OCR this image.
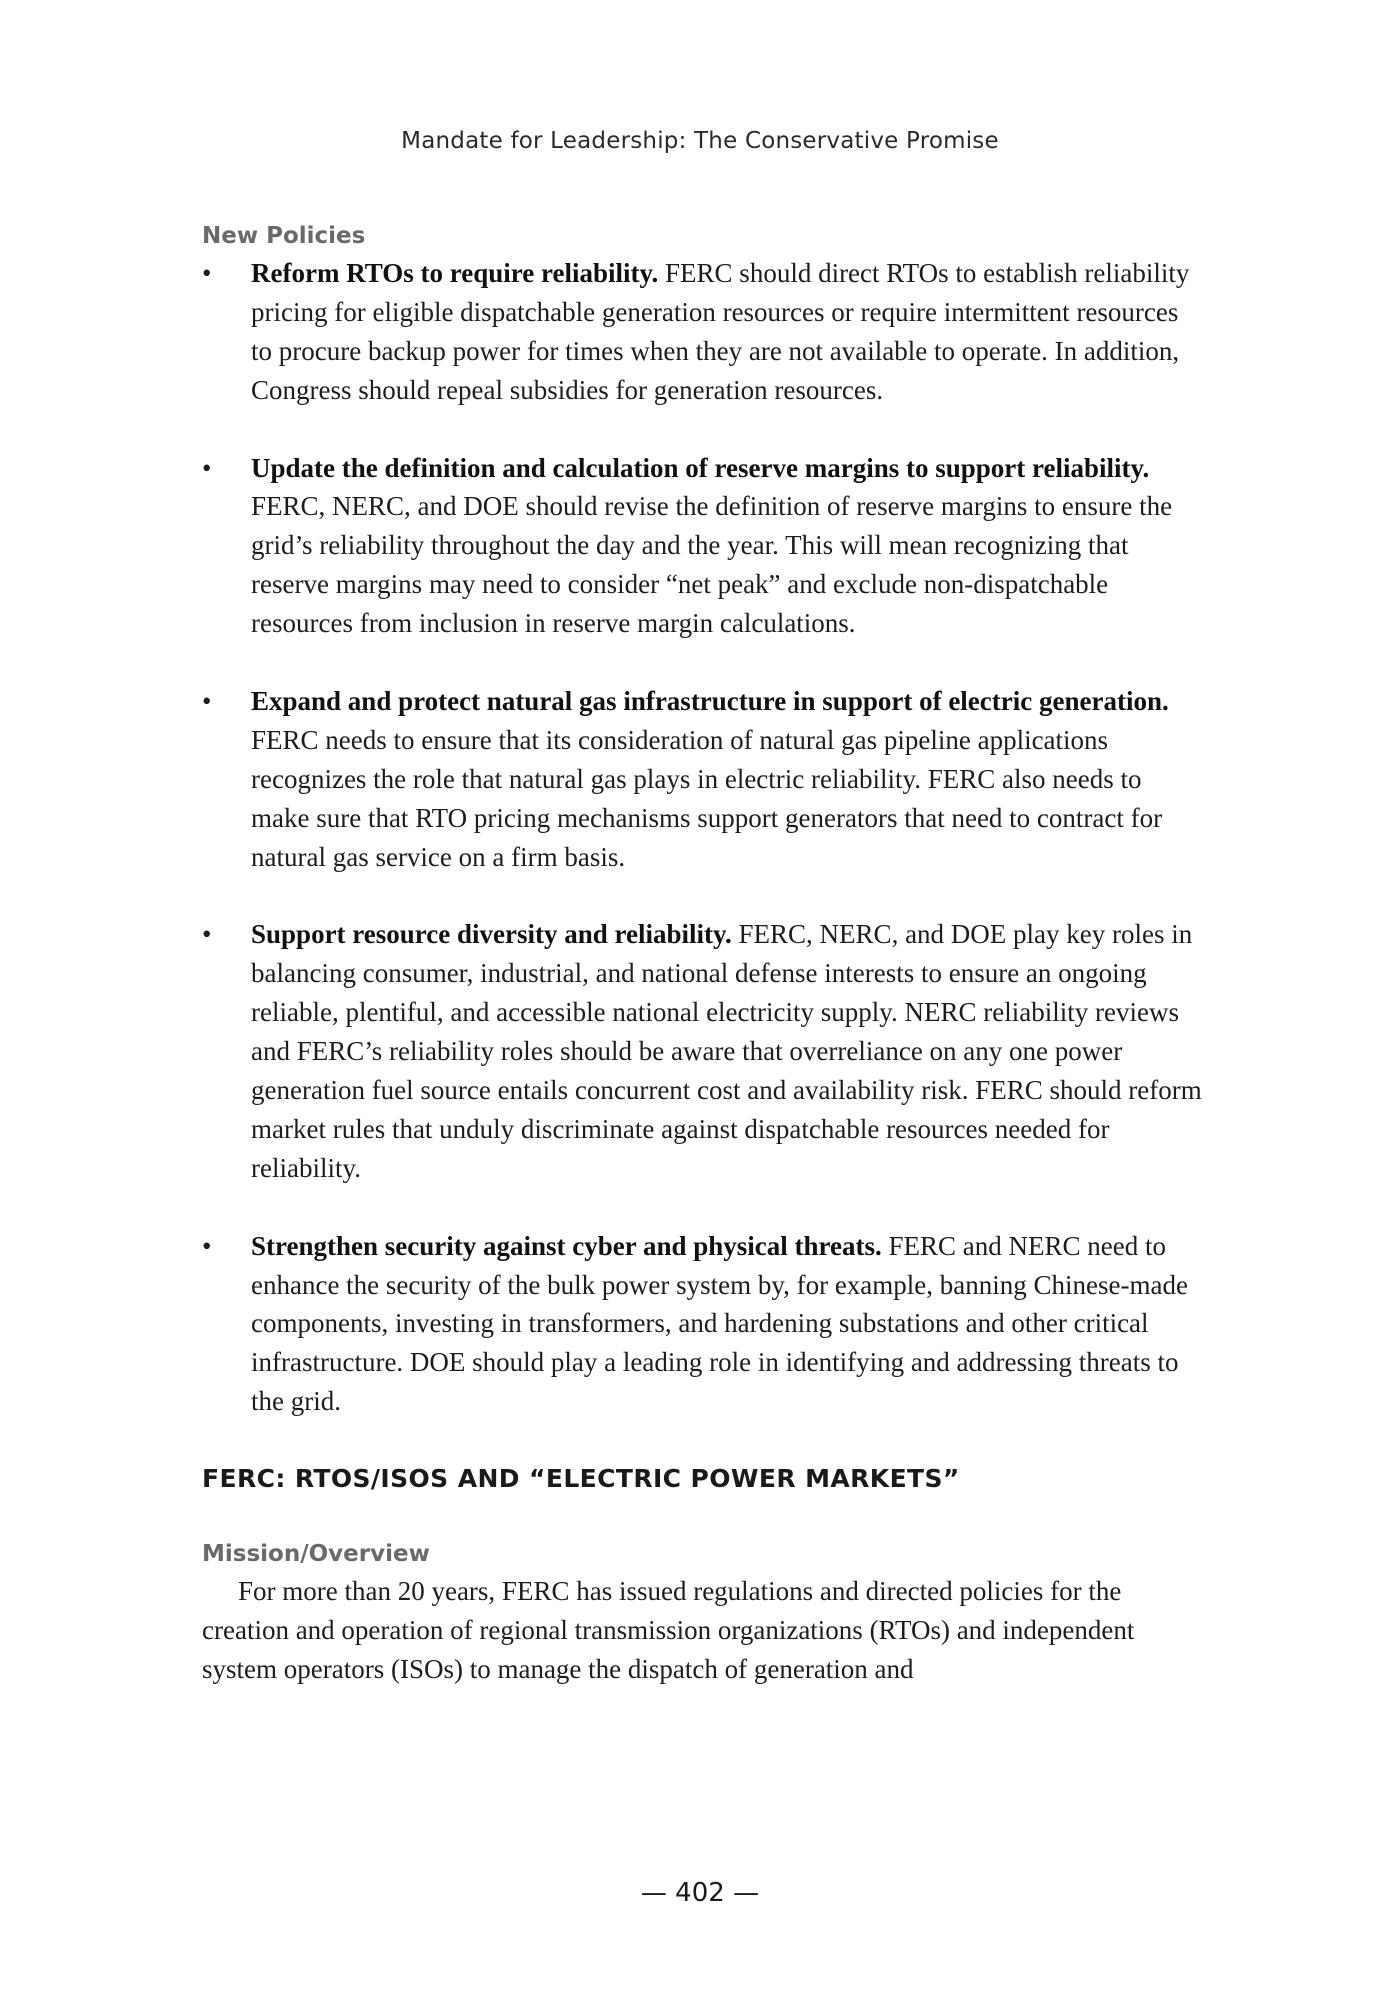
Mandate for Leadership: The Conservative Promise
New Policies
• Reform RTOs to require reliability. FERC should direct RTOs to establish reliability pricing for eligible dispatchable generation resources or require intermittent resources to procure backup power for times when they are not available to operate. In addition, Congress should repeal subsidies for generation resources.
• Update the definition and calculation of reserve margins to support reliability. FERC, NERC, and DOE should revise the definition of reserve margins to ensure the grid’s reliability throughout the day and the year. This will mean recognizing that reserve margins may need to consider “net peak” and exclude non-dispatchable resources from inclusion in reserve margin calculations.
• Expand and protect natural gas infrastructure in support of electric generation. FERC needs to ensure that its consideration of natural gas pipeline applications recognizes the role that natural gas plays in electric reliability. FERC also needs to make sure that RTO pricing mechanisms support generators that need to contract for natural gas service on a firm basis.
• Support resource diversity and reliability. FERC, NERC, and DOE play key roles in balancing consumer, industrial, and national defense interests to ensure an ongoing reliable, plentiful, and accessible national electricity supply. NERC reliability reviews and FERC’s reliability roles should be aware that overreliance on any one power generation fuel source entails concurrent cost and availability risk. FERC should reform market rules that unduly discriminate against dispatchable resources needed for reliability.
• Strengthen security against cyber and physical threats. FERC and NERC need to enhance the security of the bulk power system by, for example, banning Chinese-made components, investing in transformers, and hardening substations and other critical infrastructure. DOE should play a leading role in identifying and addressing threats to the grid.
FERC: RTOS/ISOS AND “ELECTRIC POWER MARKETS”
Mission/Overview

For more than 20 years, FERC has issued regulations and directed policies for the creation and operation of regional transmission organizations (RTOs) and independent system operators (ISOs) to manage the dispatch of generation and

— 402 —
